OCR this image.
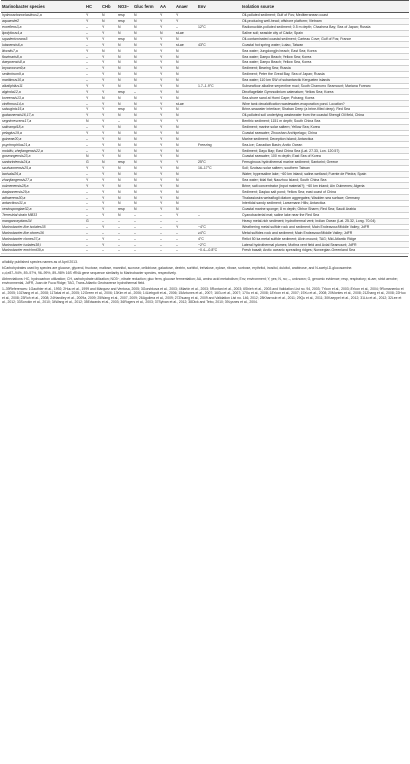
Marinobacter species	HC	CHb	NO3−	Gluc ferm	AA	Anaer	Env	Isolation source
hydrocarbonoclasticus1,a	Y	N	resp	N	Y	Y		Oil-polluted sediment; Gulf of Fos; Mediterranean coast
aquaeolei2	Y	N	resp	N	Y	Y		Oil-producing well-head; offshore platform; Vietnam
excellens3,a	–	Y	N	N	Y	–	12°C	Radionuclide-polluted sediment; 0.5 m depth; Chazhma Bay; Sea of Japan; Russia
lipolyticus4,a	–	Y	N	N	N	st-ae		Saline soil; seaside city of Cádiz; Spain
squalenivorans5	Y	Y	resp	N	Y	N		Oil-contaminated coastal sediment; Carteau Cove; Gulf of Fos; France
lutaoensis6,a	–	Y	N	N	Y	st-ae	43°C	Coastal hot spring water; Lutao, Taiwan
litoralis7,a	Y	N	N	N	Y	N		Sea water; Jungdongjin beach; East Sea; Korea
flavimaris8,a	–	Y	N	N	Y	N		Sea water; Daepo Beach; Yellow Sea; Korea
daepoensis8,a	–	Y	N	N	Y	N		Sea water; Daepo Beach; Yellow Sea, Korea
bryozoorum9,a	–	Y	N	N	Y	N		Sediment; Bearing Sea; Russia
sediminum9,a	–	Y	N	N	Y	N		Sediment; Peter the Great Bay, Sea of Japan; Russia
maritimus10,a	–	Y	N	N	Y	N		Sea water; 110 km SW of subantarctic Kerguelen islands
alkaliphilus11	Y	Y	N	N	Y	N	1.7–1.9°C	Subseafloor alkaline serpentine mud; South Chamorro Seamount; Mariana Forearc
algicola12,a	Y	Y	resp	–	Y	N		Dinoflagellate Gymnodinium catenatum; Yellow Sea; Korea
koreensis13,a	Y	N	N	N	Y	N		Sea-shore sand at Homi Cape; Pohang; Korea
vinifirmus14,a	–	Y	N	N	Y	st-ae		Wine tank decalcification wastewater-evaporation pond. Location?
salsuginis15,a	Y	Y	resp	N	Y	N		Brine-seawater interface; Shaban Deep (a brine-filled deep); Red Sea
gudaonensis16,17,a	Y	Y	N	N	Y	N		Oil-polluted soil underlying wastewater from the coastal Shengli Oil field, China
segnicrescens17,a	N	Y	–	N	Y	Y		Benthic sediment; 1151 m depth; South China Sea
salicampi18,a	–	Y	N	N	Y	N		Sediment; marine solar saltern; Yellow Sea; Korea
pelagius19,a	Y	Y	N	N	Y	N		Coastal seawater; Zhoushan Archipelago; China
guineae20,a	–	Y	N	N	Y	N		Marine sediment; Deception Island; Antarctica
psychrophilus21,a	–	Y	N	N	Y	N	Freezing	Sea-ice; Canadian Basin; Arctic Ocean
mobilis; zhejiangensis22,a	–	Y	N	N	Y	N		Sediment; Dayu Bay; East China Sea (Lat. 27.33, Lon. 120.57)
goseongensis23,a	N	Y	N	N	Y	N		Coastal seawater; 100 m depth; East Sea of Korea
santoriniensis24,a	G	N	resp	N	Y	Y	25°C	Ferruginous hydrothermal marine sediment; Santorini; Greece
szutsaonensis25,a	Y	Y	N	N	Y	N	16–17°C	Soil; Szutsao solar saltern; southern Taiwan
lacisalsi26,a	–	Y	N	N	Y	N		Water; hypersaline lake; ~60 km inland; saline-wetland; Fuente de Piedra; Spain
zhanjiangensis27,a	Y	Y	N	N	Y	N		Sea water; tidal flat; Naozhou Island; South China Sea
oulmenensis28,a	Y	Y	N	N	Y	N		Brine; salt concentrator (input material?); ~60 km inland; Ain Oulmenes; Algeria
daqiaonensis29,a	–	Y	N	N	Y	N		Sediment; Daqiao salt pond; Yellow Sea; east coast of China
adhaerens30,a	–	Y	N	N	Y	N		Thalassiosira weissflogii diatom aggregates; Wadden sea surface; Germany
antarcticus31,a	–	Y	N	N	Y	N		Intertidal sandy sediment; Larsemann Hills; Antarctica
xestospongiae32,a	–	Y	resp	N	Y	N		Coastal marine sponge; 8 m depth; Obhor Sharm; Red Sea; Saudi Arabia
Terrestrial strain MB33	–	Y	N	–	–	Y	–	Cyanobacterial mat; saline lake near the Red Sea
manganoxydans34	G	–	–	–	–	–		Heavy metal-rich sediment; hydrothermal vent; Indian Ocean (Lat. 25.32, Long. 70.04)
Marinobacter-like isolates35	–	Y	–	–	–	Y	~4°C	Weathering metal sulfide rock and sediment; Main Endeavour/Middle Valley; JdFR
Marinobacter-like clones36	–	–	–	–	–	–	≥4°C	Metal sulfides rock and sediment; Main Endeavour/Middle Valley; JdFR
Marinobacter clones37,a	–	Y	–	–	–	–	4°C	Relict 50 ka metal sulfide sediment; Alvin mound; TAG; Mid-Atlantic Ridge
Marinobacter isolates38,l	–	Y	–	–	–	–	~2°C	Lateral hydrothermal plumes; Mothra vent field and Axial Seamount; JdFR
Marinobacter enrichmt39,a	–	–	–	–	–	–	−0.4—0.8°C	Fresh basalt; Arctic oceanic spreading ridges; Norwegian-Greenland Sea

aValidly published species names as of April 2013.

bCarbohydrates used by species are glucose, glycerol, fructose, maltose, mannitol, sucrose, cellobiose, galactose, dextrin, sorbitol, trehalose, xylose, ribose, sorbose, erythritol, inositol, dulcitol, arabinose, and N-acetyl-D-glucosamine.

c,d,e87–94%, 89–97%, 96–99%, 89–98% 16S rRNA gene sequence similarity to Marinobacter species, respectively.

Abbreviations: HC, hydrocarbon utilization; CH, carbohydrate utilization; NO3−, nitrate reduction; gluc ferm, glucose fermentation; AA, amino acid metabolism; Env, environment; Y, yes; N, no; –, unknown; G, genomic evidence; resp, respiratory; st-aer, strict aerobe; environmental, JdFR, Juan de Fuca Ridge; TAG, Trans-Atlantic Geotraverse hydrothermal field.

1–39References: 1Gauthier et al., 1992; 2Huu et al., 1999 and Márquez and Ventosa, 2005; 3Gorshkova et al., 2003; 4Martín et al., 2003; 5Rontani et al., 2003; 6Shieh et al., 2003 and Validation List no. 94, 2003; 7Yoon et al., 2003; 8Yoon et al., 2004; 9Romanenko et al., 2005; 10Zhang et al., 2008; 11Takai et al., 2005; 12Green et al., 2006; 13Kim et al., 2006; 14Liebgott et al., 2006; 15Antunes et al., 2007; 16Gu et al., 2007; 17Xu et al., 2008; 18Yoon et al., 2007; 19Xu et al., 2008; 20Montes et al., 2008; 21Zhang et al., 2008; 22Huo et al., 2008; 23Roh et al., 2008; 24Handley et al., 2009a, 2009; 25Wang et al., 2007, 2009; 26Aguilera et al., 2009; 27Zhuang et al., 2009 and Validation List no. 146, 2012; 28Kharroub et al., 2011; 29Qu et al., 2011; 30Kaeppel et al., 2012; 31Liu et al., 2012; 32Lee et al., 2012; 33Sorokin et al., 2010; 34Wang et al., 2012; 35Edwards et al., 2003; 36Rogers et al., 2003; 37Sylvan et al., 2012; 38Dick and Tebo, 2010; 39Lysnes et al., 2004.
